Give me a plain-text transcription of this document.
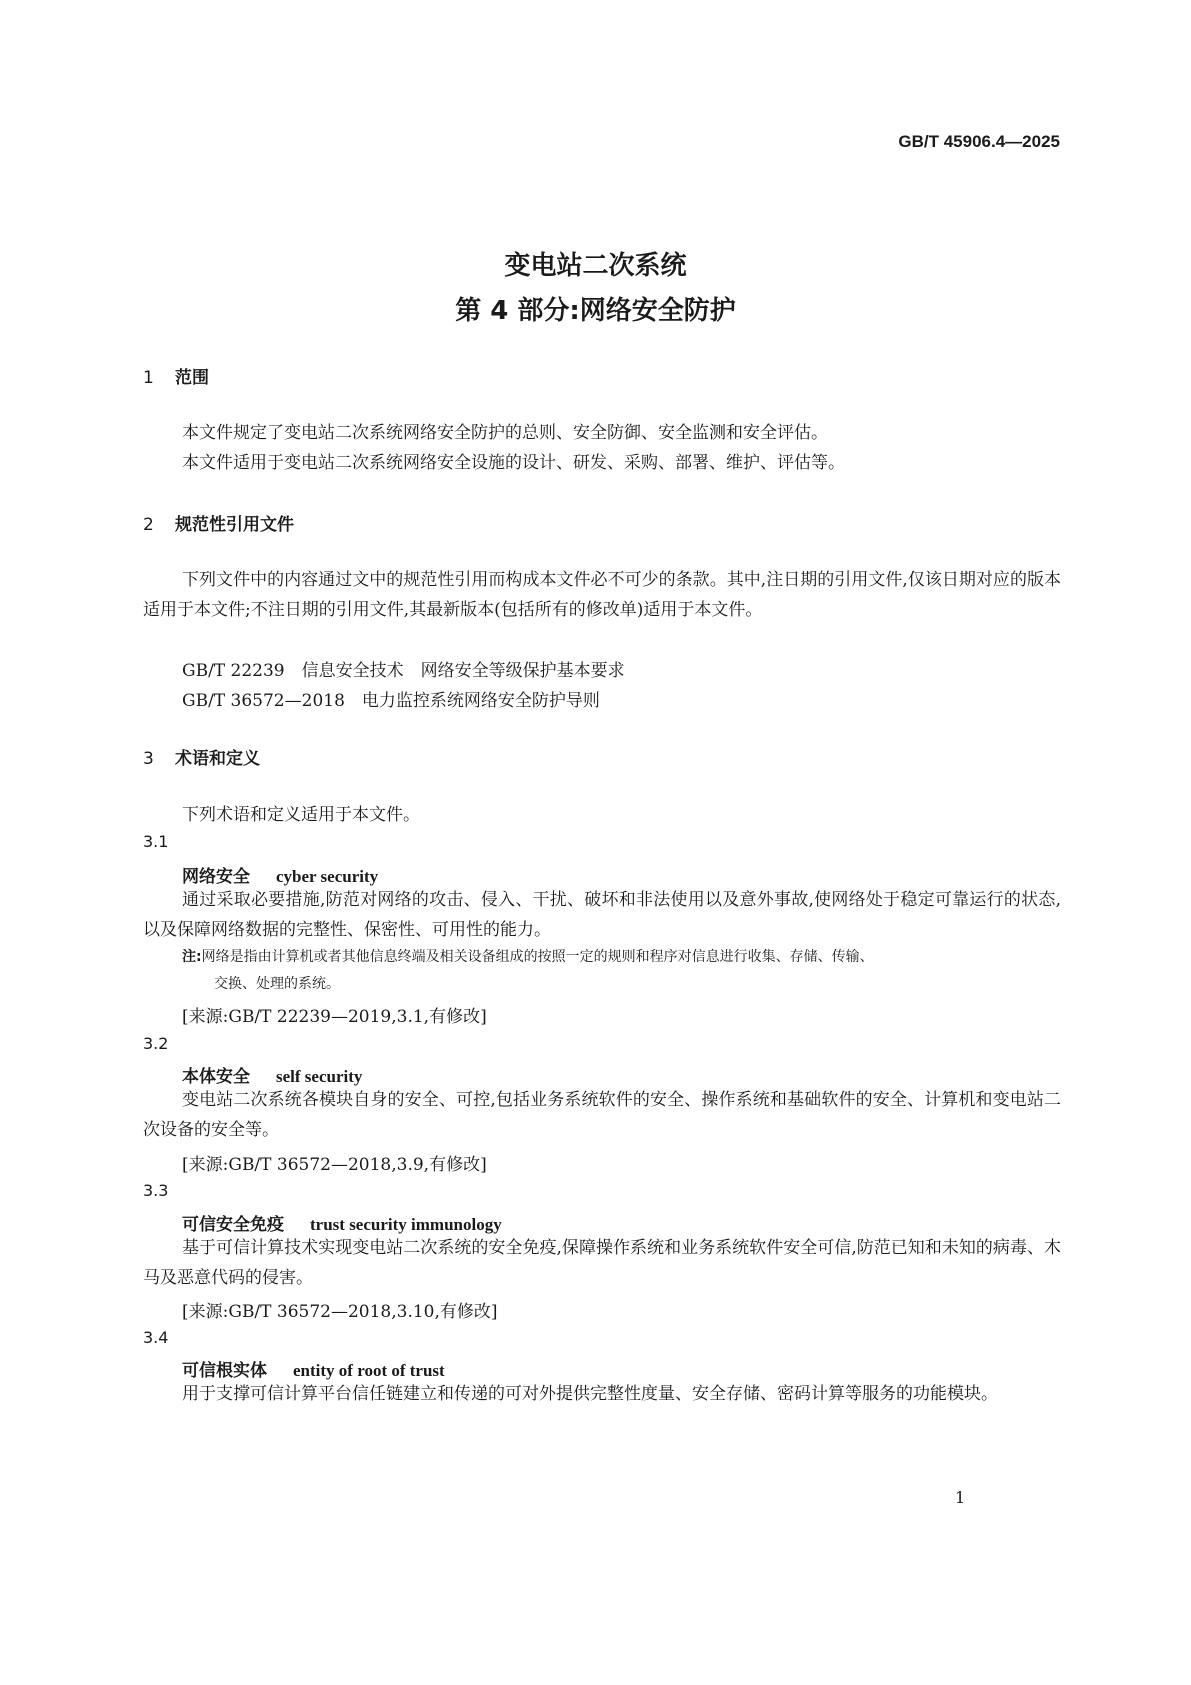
GB/T 45906.4—2025
变电站二次系统
第 4 部分:网络安全防护
1 范围

本文件规定了变电站二次系统网络安全防护的总则、安全防御、安全监测和安全评估。

本文件适用于变电站二次系统网络安全设施的设计、研发、采购、部署、维护、评估等。

2 规范性引用文件

下列文件中的内容通过文中的规范性引用而构成本文件必不可少的条款。其中,注日期的引用文件,仅该日期对应的版本适用于本文件;不注日期的引用文件,其最新版本(包括所有的修改单)适用于本文件。

GB/T 22239　信息安全技术　网络安全等级保护基本要求
GB/T 36572—2018　电力监控系统网络安全防护导则
3 术语和定义
下列术语和定义适用于本文件。
3.1
网络安全 cyber security

通过采取必要措施,防范对网络的攻击、侵入、干扰、破坏和非法使用以及意外事故,使网络处于稳定可靠运行的状态,以及保障网络数据的完整性、保密性、可用性的能力。

注:网络是指由计算机或者其他信息终端及相关设备组成的按照一定的规则和程序对信息进行收集、存储、传输、
交换、处理的系统。

[来源:GB/T 22239—2019,3.1,有修改]
3.2
本体安全 self security

变电站二次系统各模块自身的安全、可控,包括业务系统软件的安全、操作系统和基础软件的安全、计算机和变电站二次设备的安全等。

[来源:GB/T 36572—2018,3.9,有修改]
3.3
可信安全免疫 trust security immunology

基于可信计算技术实现变电站二次系统的安全免疫,保障操作系统和业务系统软件安全可信,防范已知和未知的病毒、木马及恶意代码的侵害。

[来源:GB/T 36572—2018,3.10,有修改]
3.4
可信根实体 entity of root of trust

用于支撑可信计算平台信任链建立和传递的可对外提供完整性度量、安全存储、密码计算等服务的功能模块。

1
